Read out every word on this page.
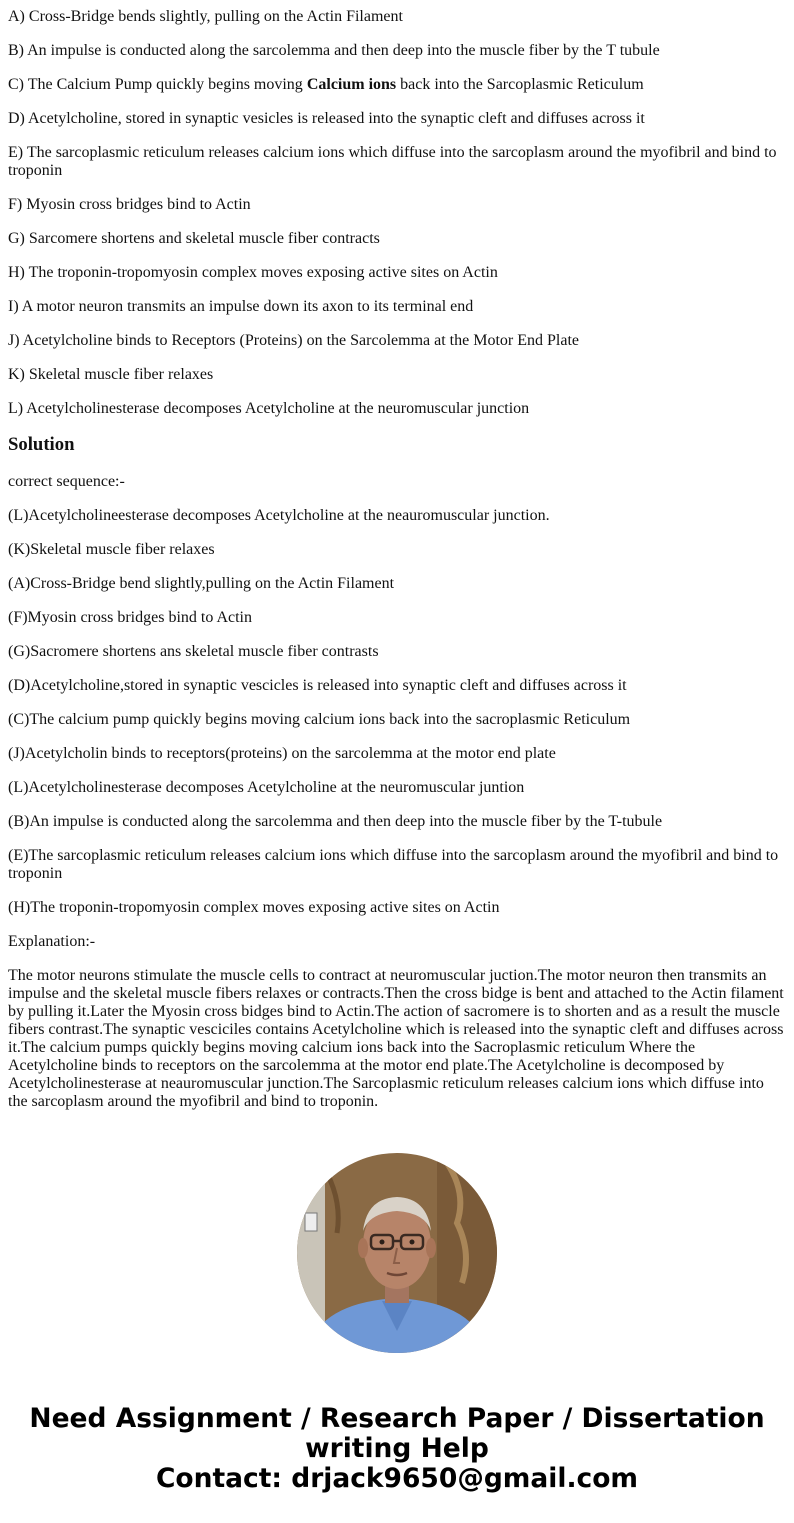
A) Cross-Bridge bends slightly, pulling on the Actin Filament

B) An impulse is conducted along the sarcolemma and then deep into the muscle fiber by the T tubule

C) The Calcium Pump quickly begins moving Calcium ions back into the Sarcoplasmic Reticulum

D) Acetylcholine, stored in synaptic vesicles is released into the synaptic cleft and diffuses across it

E) The sarcoplasmic reticulum releases calcium ions which diffuse into the sarcoplasm around the myofibril and bind to troponin

F) Myosin cross bridges bind to Actin

G) Sarcomere shortens and skeletal muscle fiber contracts

H) The troponin-tropomyosin complex moves exposing active sites on Actin

I) A motor neuron transmits an impulse down its axon to its terminal end

J) Acetylcholine binds to Receptors (Proteins) on the Sarcolemma at the Motor End Plate

K) Skeletal muscle fiber relaxes

L) Acetylcholinesterase decomposes Acetylcholine at the neuromuscular junction

Solution

correct sequence:-

(L)Acetylcholineesterase decomposes Acetylcholine at the neauromuscular junction.

(K)Skeletal muscle fiber relaxes

(A)Cross-Bridge bend slightly,pulling on the Actin Filament

(F)Myosin cross bridges bind to Actin

(G)Sacromere shortens ans skeletal muscle fiber contrasts

(D)Acetylcholine,stored in synaptic vescicles is released into synaptic cleft and diffuses across it

(C)The calcium pump quickly begins moving calcium ions back into the sacroplasmic Reticulum

(J)Acetylcholin binds to receptors(proteins) on the sarcolemma at the motor end plate

(L)Acetylcholinesterase decomposes Acetylcholine at the neuromuscular juntion

(B)An impulse is conducted along the sarcolemma and then deep into the muscle fiber by the T-tubule

(E)The sarcoplasmic reticulum releases calcium ions which diffuse into the sarcoplasm around the myofibril and bind to troponin

(H)The troponin-tropomyosin complex moves exposing active sites on Actin

Explanation:-

The motor neurons stimulate the muscle cells to contract at neuromuscular juction.The motor neuron then transmits an impulse and the skeletal muscle fibers relaxes or contracts.Then the cross bidge is bent and attached to the Actin filament by pulling it.Later the Myosin cross bidges bind to Actin.The action of sacromere is to shorten and as a result the muscle fibers contrast.The synaptic vesciciles contains Acetylcholine which is released into the synaptic cleft and diffuses across it.The calcium pumps quickly begins moving calcium ions back into the Sacroplasmic reticulum Where the Acetylcholine binds to receptors on the sarcolemma at the motor end plate.The Acetylcholine is decomposed by Acetylcholinesterase at neauromuscular junction.The Sarcoplasmic reticulum releases calcium ions which diffuse into the sarcoplasm around the myofibril and bind to troponin.

Need Assignment / Research Paper / Dissertation writing Help
Contact: drjack9650@gmail.com
